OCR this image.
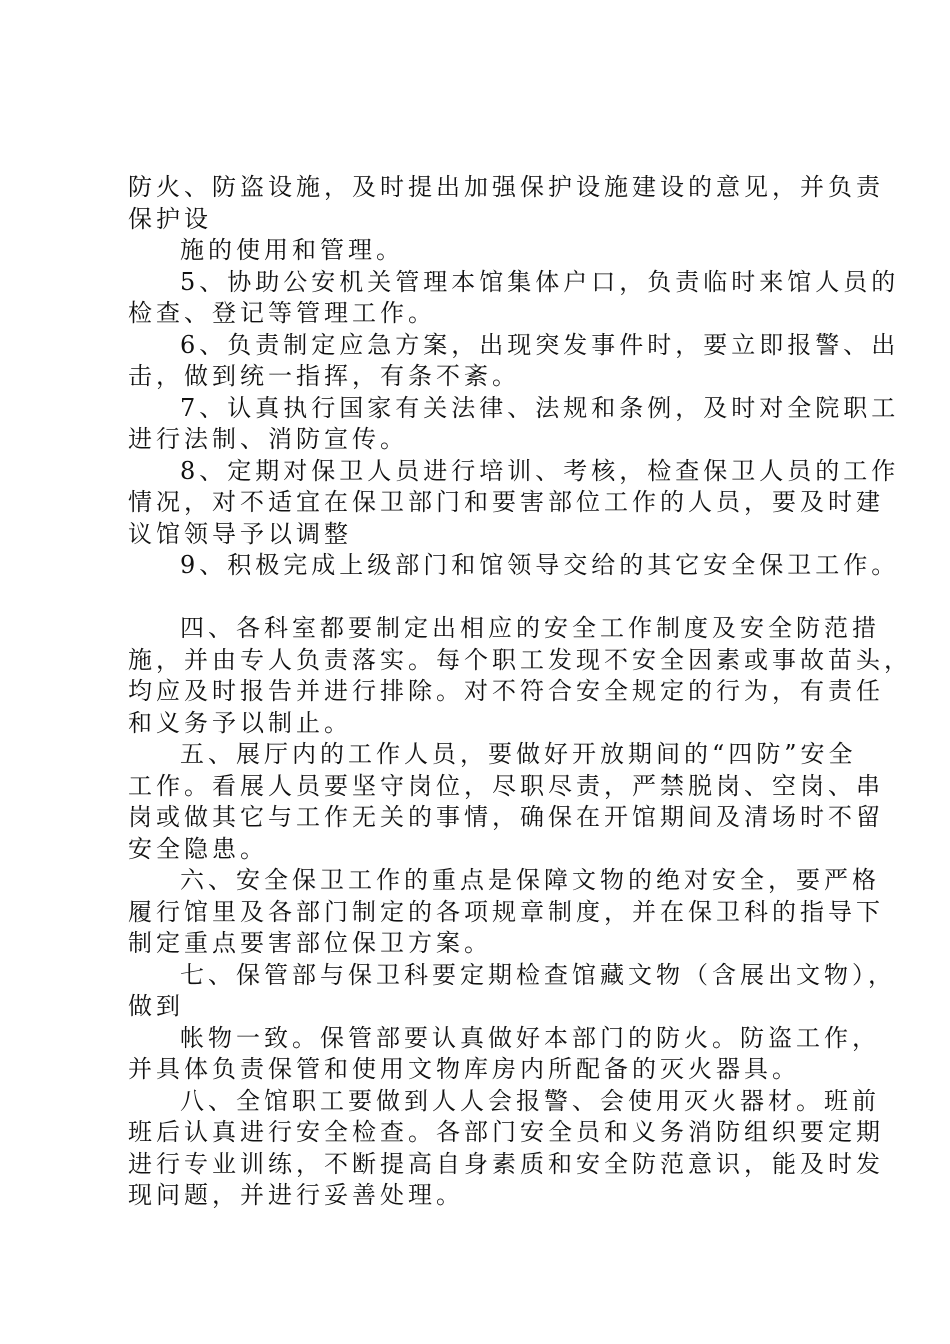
防火、防盗设施，及时提出加强保护设施建设的意见，并负责
保护设
施的使用和管理。
5、协助公安机关管理本馆集体户口，负责临时来馆人员的
检查、登记等管理工作。
6、负责制定应急方案，出现突发事件时，要立即报警、出
击，做到统一指挥，有条不紊。
7、认真执行国家有关法律、法规和条例，及时对全院职工
进行法制、消防宣传。
8、定期对保卫人员进行培训、考核，检查保卫人员的工作
情况，对不适宜在保卫部门和要害部位工作的人员，要及时建
议馆领导予以调整
9、积极完成上级部门和馆领导交给的其它安全保卫工作。
四、各科室都要制定出相应的安全工作制度及安全防范措
施，并由专人负责落实。每个职工发现不安全因素或事故苗头，
均应及时报告并进行排除。对不符合安全规定的行为，有责任
和义务予以制止。
五、展厅内的工作人员，要做好开放期间的“四防”安全
工作。看展人员要坚守岗位，尽职尽责，严禁脱岗、空岗、串
岗或做其它与工作无关的事情，确保在开馆期间及清场时不留
安全隐患。
六、安全保卫工作的重点是保障文物的绝对安全，要严格
履行馆里及各部门制定的各项规章制度，并在保卫科的指导下
制定重点要害部位保卫方案。
七、保管部与保卫科要定期检查馆藏文物（含展出文物），
做到
帐物一致。保管部要认真做好本部门的防火。防盗工作，
并具体负责保管和使用文物库房内所配备的灭火器具。
八、全馆职工要做到人人会报警、会使用灭火器材。班前
班后认真进行安全检查。各部门安全员和义务消防组织要定期
进行专业训练，不断提高自身素质和安全防范意识，能及时发
现问题，并进行妥善处理。
